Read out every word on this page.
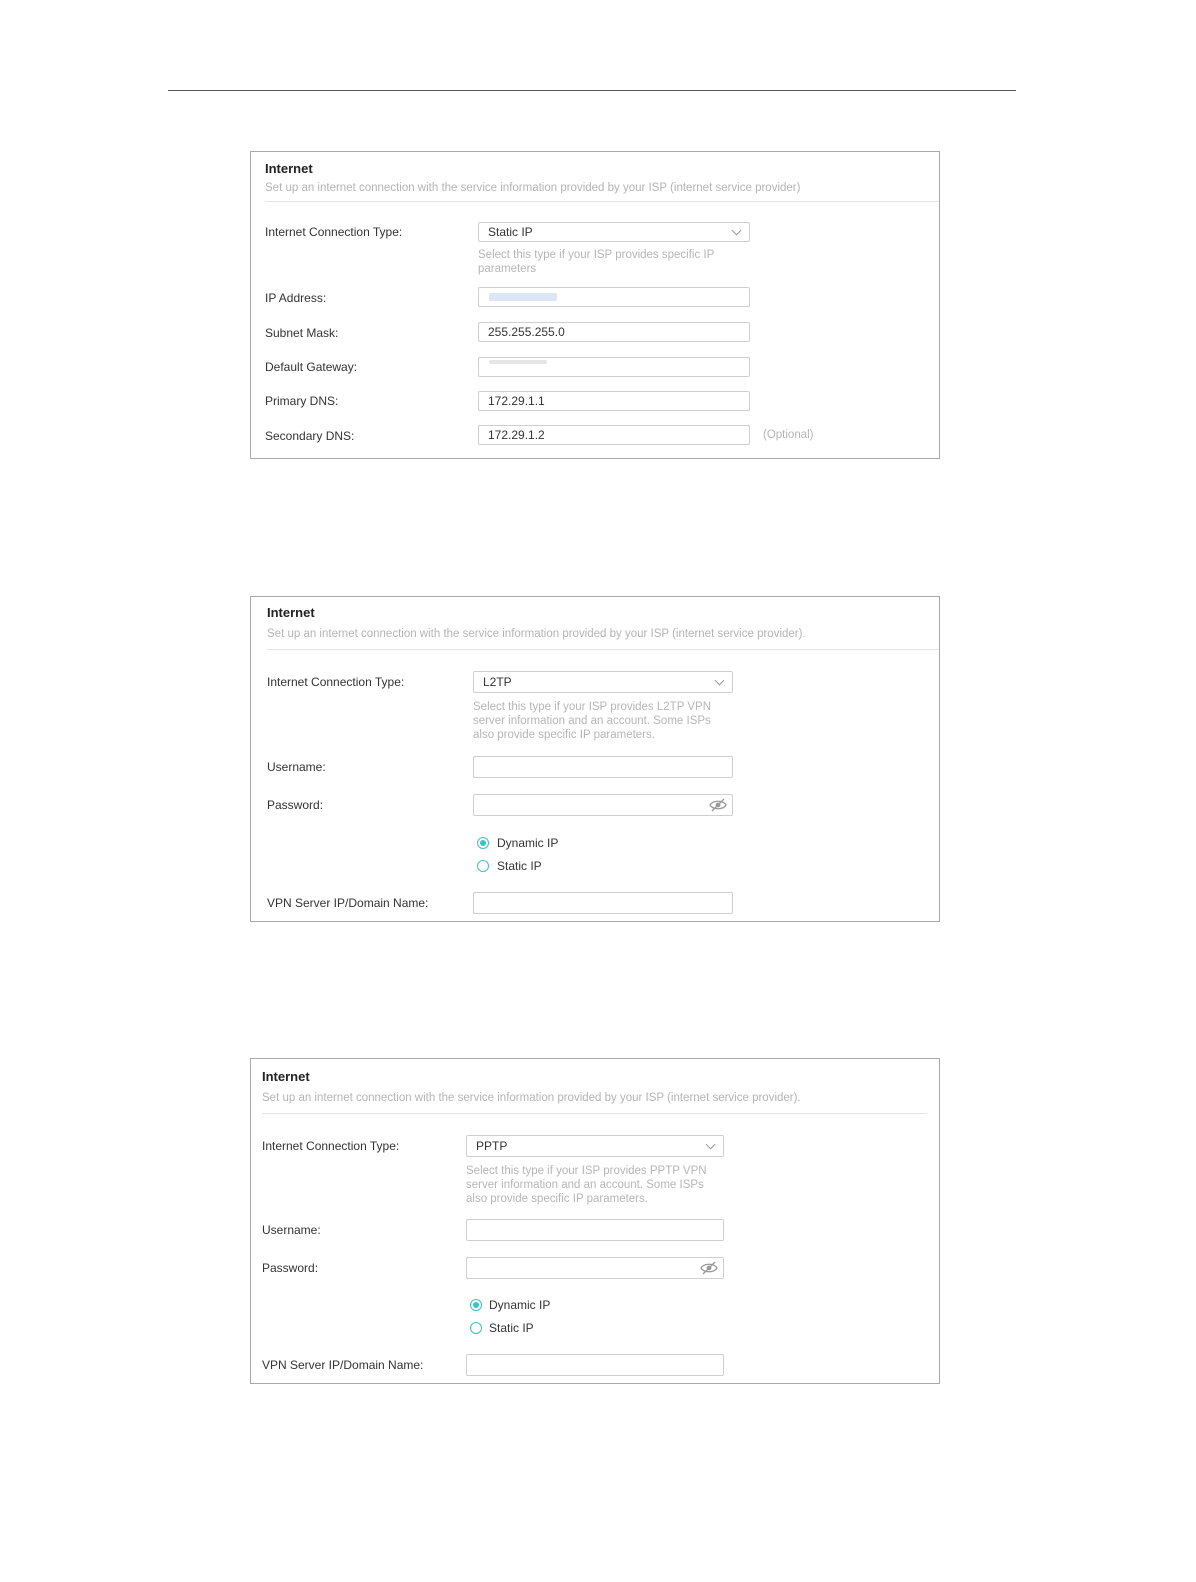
Internet
Set up an internet connection with the service information provided by your ISP (internet service provider)
Internet Connection Type:	Static IP
Select this type if your ISP provides specific IP parameters
IP Address:
Subnet Mask:	255.255.255.0
Default Gateway:
Primary DNS:	172.29.1.1
Secondary DNS:	172.29.1.2	(Optional)
Internet
Set up an internet connection with the service information provided by your ISP (internet service provider).
Internet Connection Type:	L2TP
Select this type if your ISP provides L2TP VPN server information and an account. Some ISPs also provide specific IP parameters.
Username:
Password:
Dynamic IP
Static IP
VPN Server IP/Domain Name:
Internet
Set up an internet connection with the service information provided by your ISP (internet service provider).
Internet Connection Type:	PPTP
Select this type if your ISP provides PPTP VPN server information and an account. Some ISPs also provide specific IP parameters.
Username:
Password:
Dynamic IP
Static IP
VPN Server IP/Domain Name:
